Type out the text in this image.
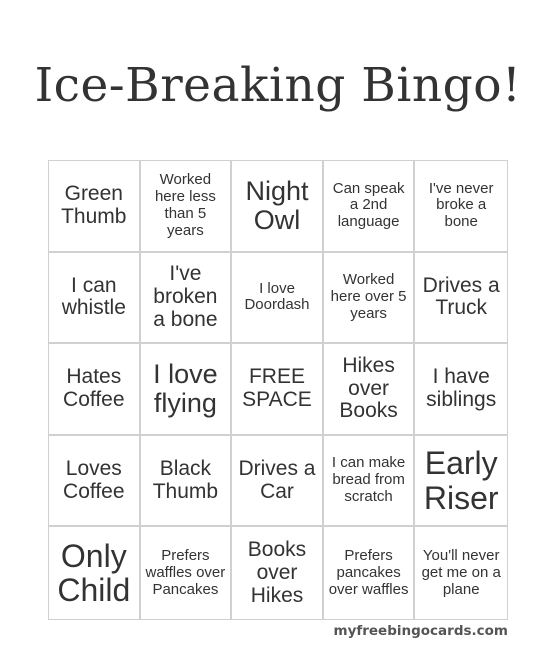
Ice-Breaking Bingo!
Green Thumb
Worked here less than 5 years
Night Owl
Can speak a 2nd language
I've never broke a bone
I can whistle
I've broken a bone
I love Doordash
Worked here over 5 years
Drives a Truck
Hates Coffee
I love flying
FREE SPACE
Hikes over Books
I have siblings
Loves Coffee
Black Thumb
Drives a Car
I can make bread from scratch
Early Riser
Only Child
Prefers waffles over Pancakes
Books over Hikes
Prefers pancakes over waffles
You'll never get me on a plane
myfreebingocards.com
